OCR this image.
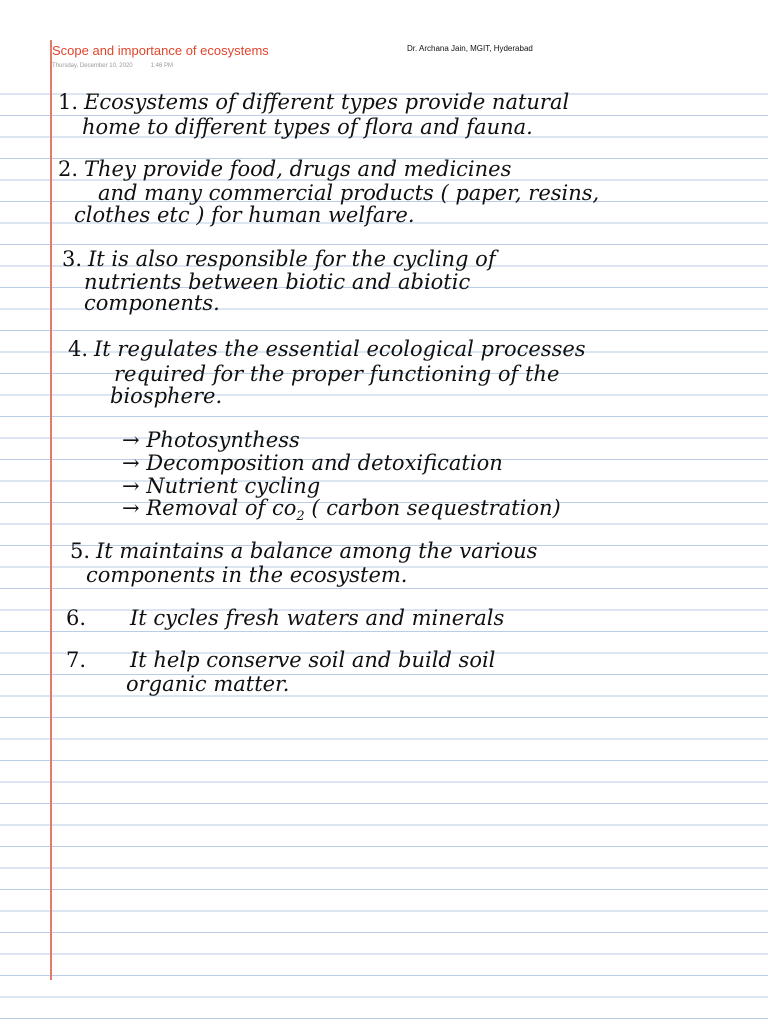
Scope and importance of ecosystems
Thursday, December 10, 2020	1:46 PM
Dr. Archana Jain, MGIT, Hyderabad
1. Ecosystems of different types provide natural
home to different types of flora and fauna.
2. They provide food, drugs and medicines
and many commercial products ( paper, resins,
clothes etc ) for human welfare.
3. It is also responsible for the cycling of
nutrients between biotic and abiotic
components.
4. It regulates the essential ecological processes
required for the proper functioning of the
biosphere.
→ Photosynthess
→ Decomposition and detoxification
→ Nutrient cycling
→ Removal of $co_2$ ( carbon sequestration)
5. It maintains a balance among the various
components in the ecosystem.
6. It cycles fresh waters and minerals
7. It help conserve soil and build soil
organic matter.
